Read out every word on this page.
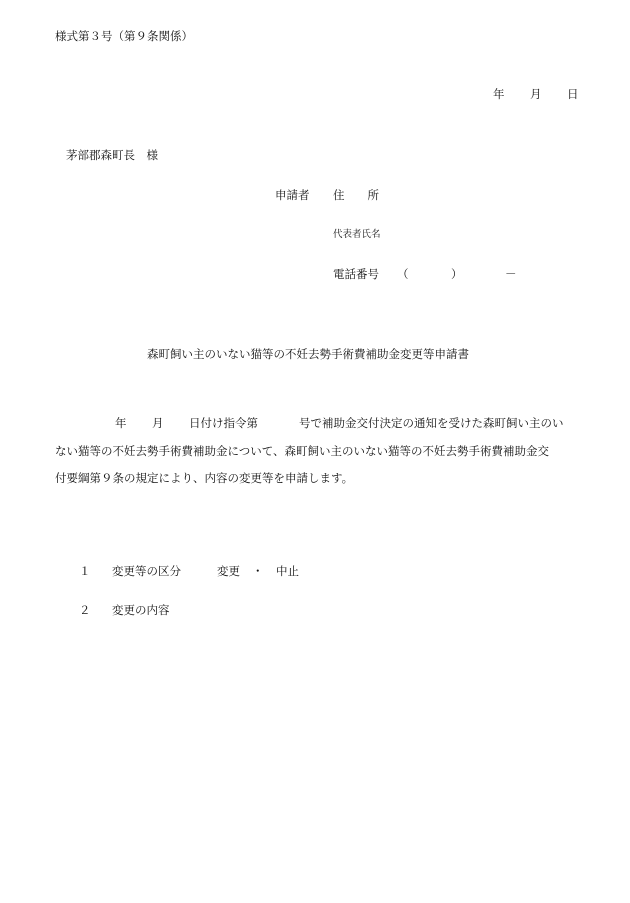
様式第３号（第９条関係）
年 月 日
茅部郡森町長　様
申請者 住　　所
代表者氏名
電話番号 （	）	－
森町飼い主のいない猫等の不妊去勢手術費補助金変更等申請書
年 月 日付け指令第	号で補助金交付決定の通知を受けた森町飼い主のい
ない猫等の不妊去勢手術費補助金について、森町飼い主のいない猫等の不妊去勢手術費補助金交
付要綱第９条の規定により、内容の変更等を申請します。
１ 変更等の区分	変更 ・ 中止
２ 変更の内容
